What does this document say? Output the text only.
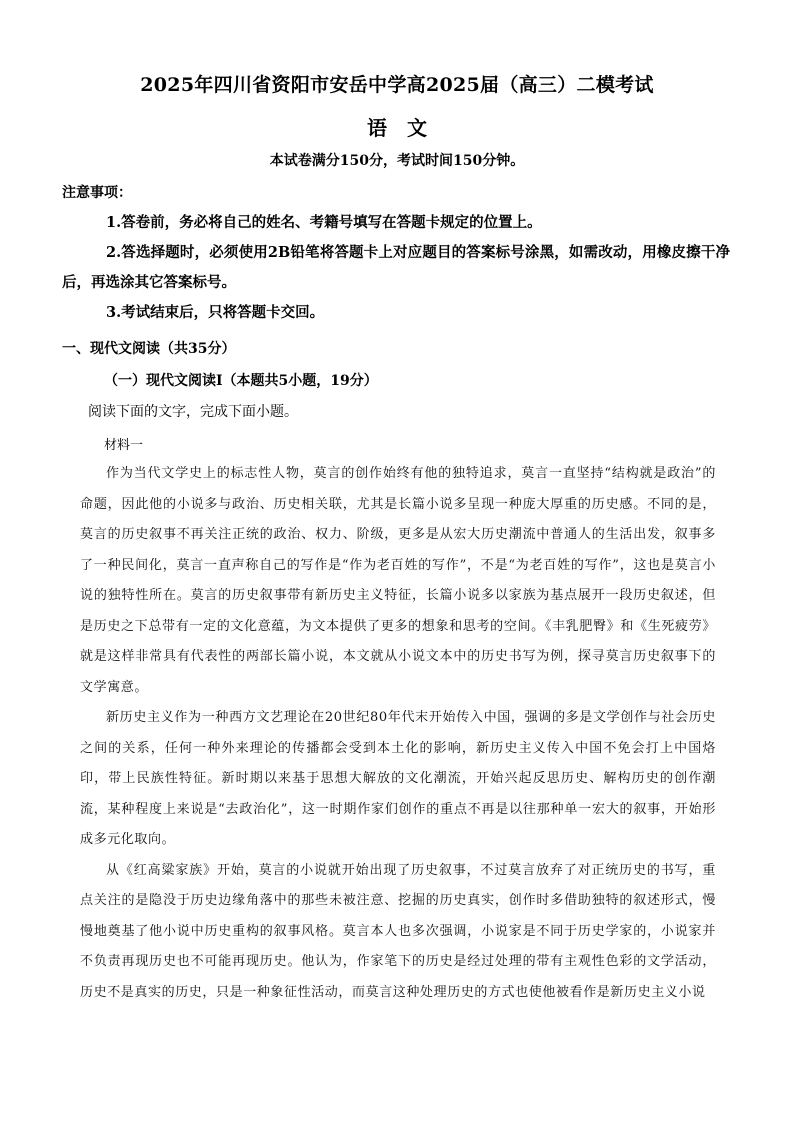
2025年四川省资阳市安岳中学高2025届（高三）二模考试
语文
本试卷满分150分，考试时间150分钟。
注意事项：

1.答卷前，务必将自己的姓名、考籍号填写在答题卡规定的位置上。

2.答选择题时，必须使用2B铅笔将答题卡上对应题目的答案标号涂黑，如需改动，用橡皮擦干净后，再选涂其它答案标号。

3.考试结束后，只将答题卡交回。

一、现代文阅读（共35分）
（一）现代文阅读Ⅰ（本题共5小题，19分）
阅读下面的文字，完成下面小题。
材料一

作为当代文学史上的标志性人物，莫言的创作始终有他的独特追求，莫言一直坚持“结构就是政治”的命题，因此他的小说多与政治、历史相关联，尤其是长篇小说多呈现一种庞大厚重的历史感。不同的是，莫言的历史叙事不再关注正统的政治、权力、阶级，更多是从宏大历史潮流中普通人的生活出发，叙事多了一种民间化，莫言一直声称自己的写作是“作为老百姓的写作”，不是“为老百姓的写作”，这也是莫言小说的独特性所在。莫言的历史叙事带有新历史主义特征，长篇小说多以家族为基点展开一段历史叙述，但是历史之下总带有一定的文化意蕴，为文本提供了更多的想象和思考的空间。《丰乳肥臀》和《生死疲劳》就是这样非常具有代表性的两部长篇小说，本文就从小说文本中的历史书写为例，探寻莫言历史叙事下的文学寓意。

新历史主义作为一种西方文艺理论在20世纪80年代末开始传入中国，强调的多是文学创作与社会历史之间的关系，任何一种外来理论的传播都会受到本土化的影响，新历史主义传入中国不免会打上中国烙印，带上民族性特征。新时期以来基于思想大解放的文化潮流，开始兴起反思历史、解构历史的创作潮流，某种程度上来说是“去政治化”，这一时期作家们创作的重点不再是以往那种单一宏大的叙事，开始形成多元化取向。

从《红高粱家族》开始，莫言的小说就开始出现了历史叙事，不过莫言放弃了对正统历史的书写，重点关注的是隐没于历史边缘角落中的那些未被注意、挖掘的历史真实，创作时多借助独特的叙述形式，慢慢地奠基了他小说中历史重构的叙事风格。莫言本人也多次强调，小说家是不同于历史学家的，小说家并不负责再现历史也不可能再现历史。他认为，作家笔下的历史是经过处理的带有主观性色彩的文学活动，历史不是真实的历史，只是一种象征性活动，而莫言这种处理历史的方式也使他被看作是新历史主义小说
